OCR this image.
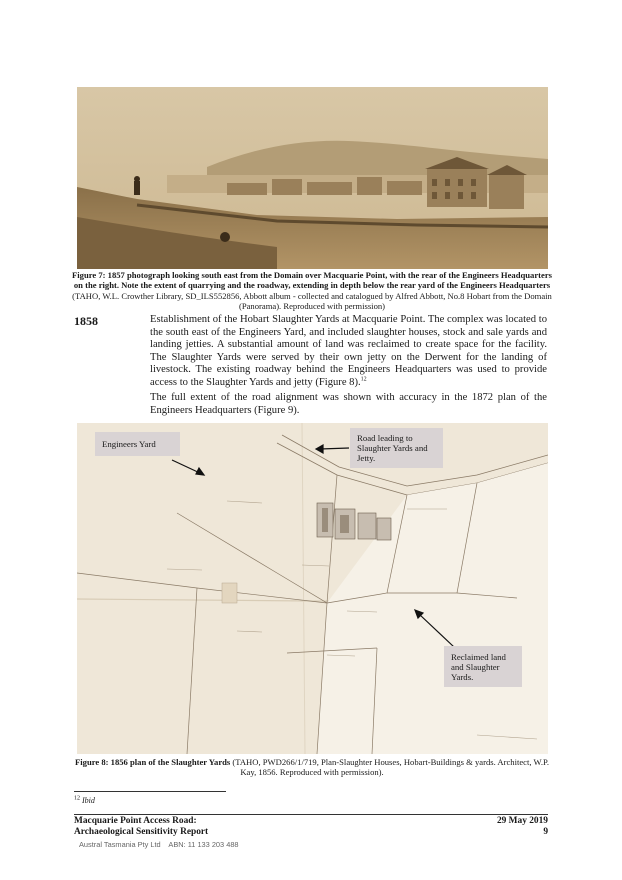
Figure 7: 1857 photograph looking south east from the Domain over Macquarie Point, with the rear of the Engineers Headquarters on the right. Note the extent of quarrying and the roadway, extending in depth below the rear yard of the Engineers Headquarters (TAHO, W.L. Crowther Library, SD_ILS552856, Abbott album - collected and catalogued by Alfred Abbott, No.8 Hobart from the Domain (Panorama). Reproduced with permission)
1858	Establishment of the Hobart Slaughter Yards at Macquarie Point. The complex was located to the south east of the Engineers Yard, and included slaughter houses, stock and sale yards and landing jetties. A substantial amount of land was reclaimed to create space for the facility. The Slaughter Yards were served by their own jetty on the Derwent for the landing of livestock. The existing roadway behind the Engineers Headquarters was used to provide access to the Slaughter Yards and jetty (Figure 8).$^{12}$
The full extent of the road alignment was shown with accuracy in the 1872 plan of the Engineers Headquarters (Figure 9).
Engineers Yard
Road leading to Slaughter Yards and Jetty.
Reclaimed land and Slaughter Yards.
Figure 8: 1856 plan of the Slaughter Yards (TAHO, PWD266/1/719, Plan-Slaughter Houses, Hobart-Buildings & yards. Architect, W.P. Kay, 1856. Reproduced with permission).
$^{12}$ Ibid
Macquarie Point Access Road:
Archaeological Sensitivity Report
29 May 2019
9
Austral Tasmania Pty Ltd    ABN: 11 133 203 488
